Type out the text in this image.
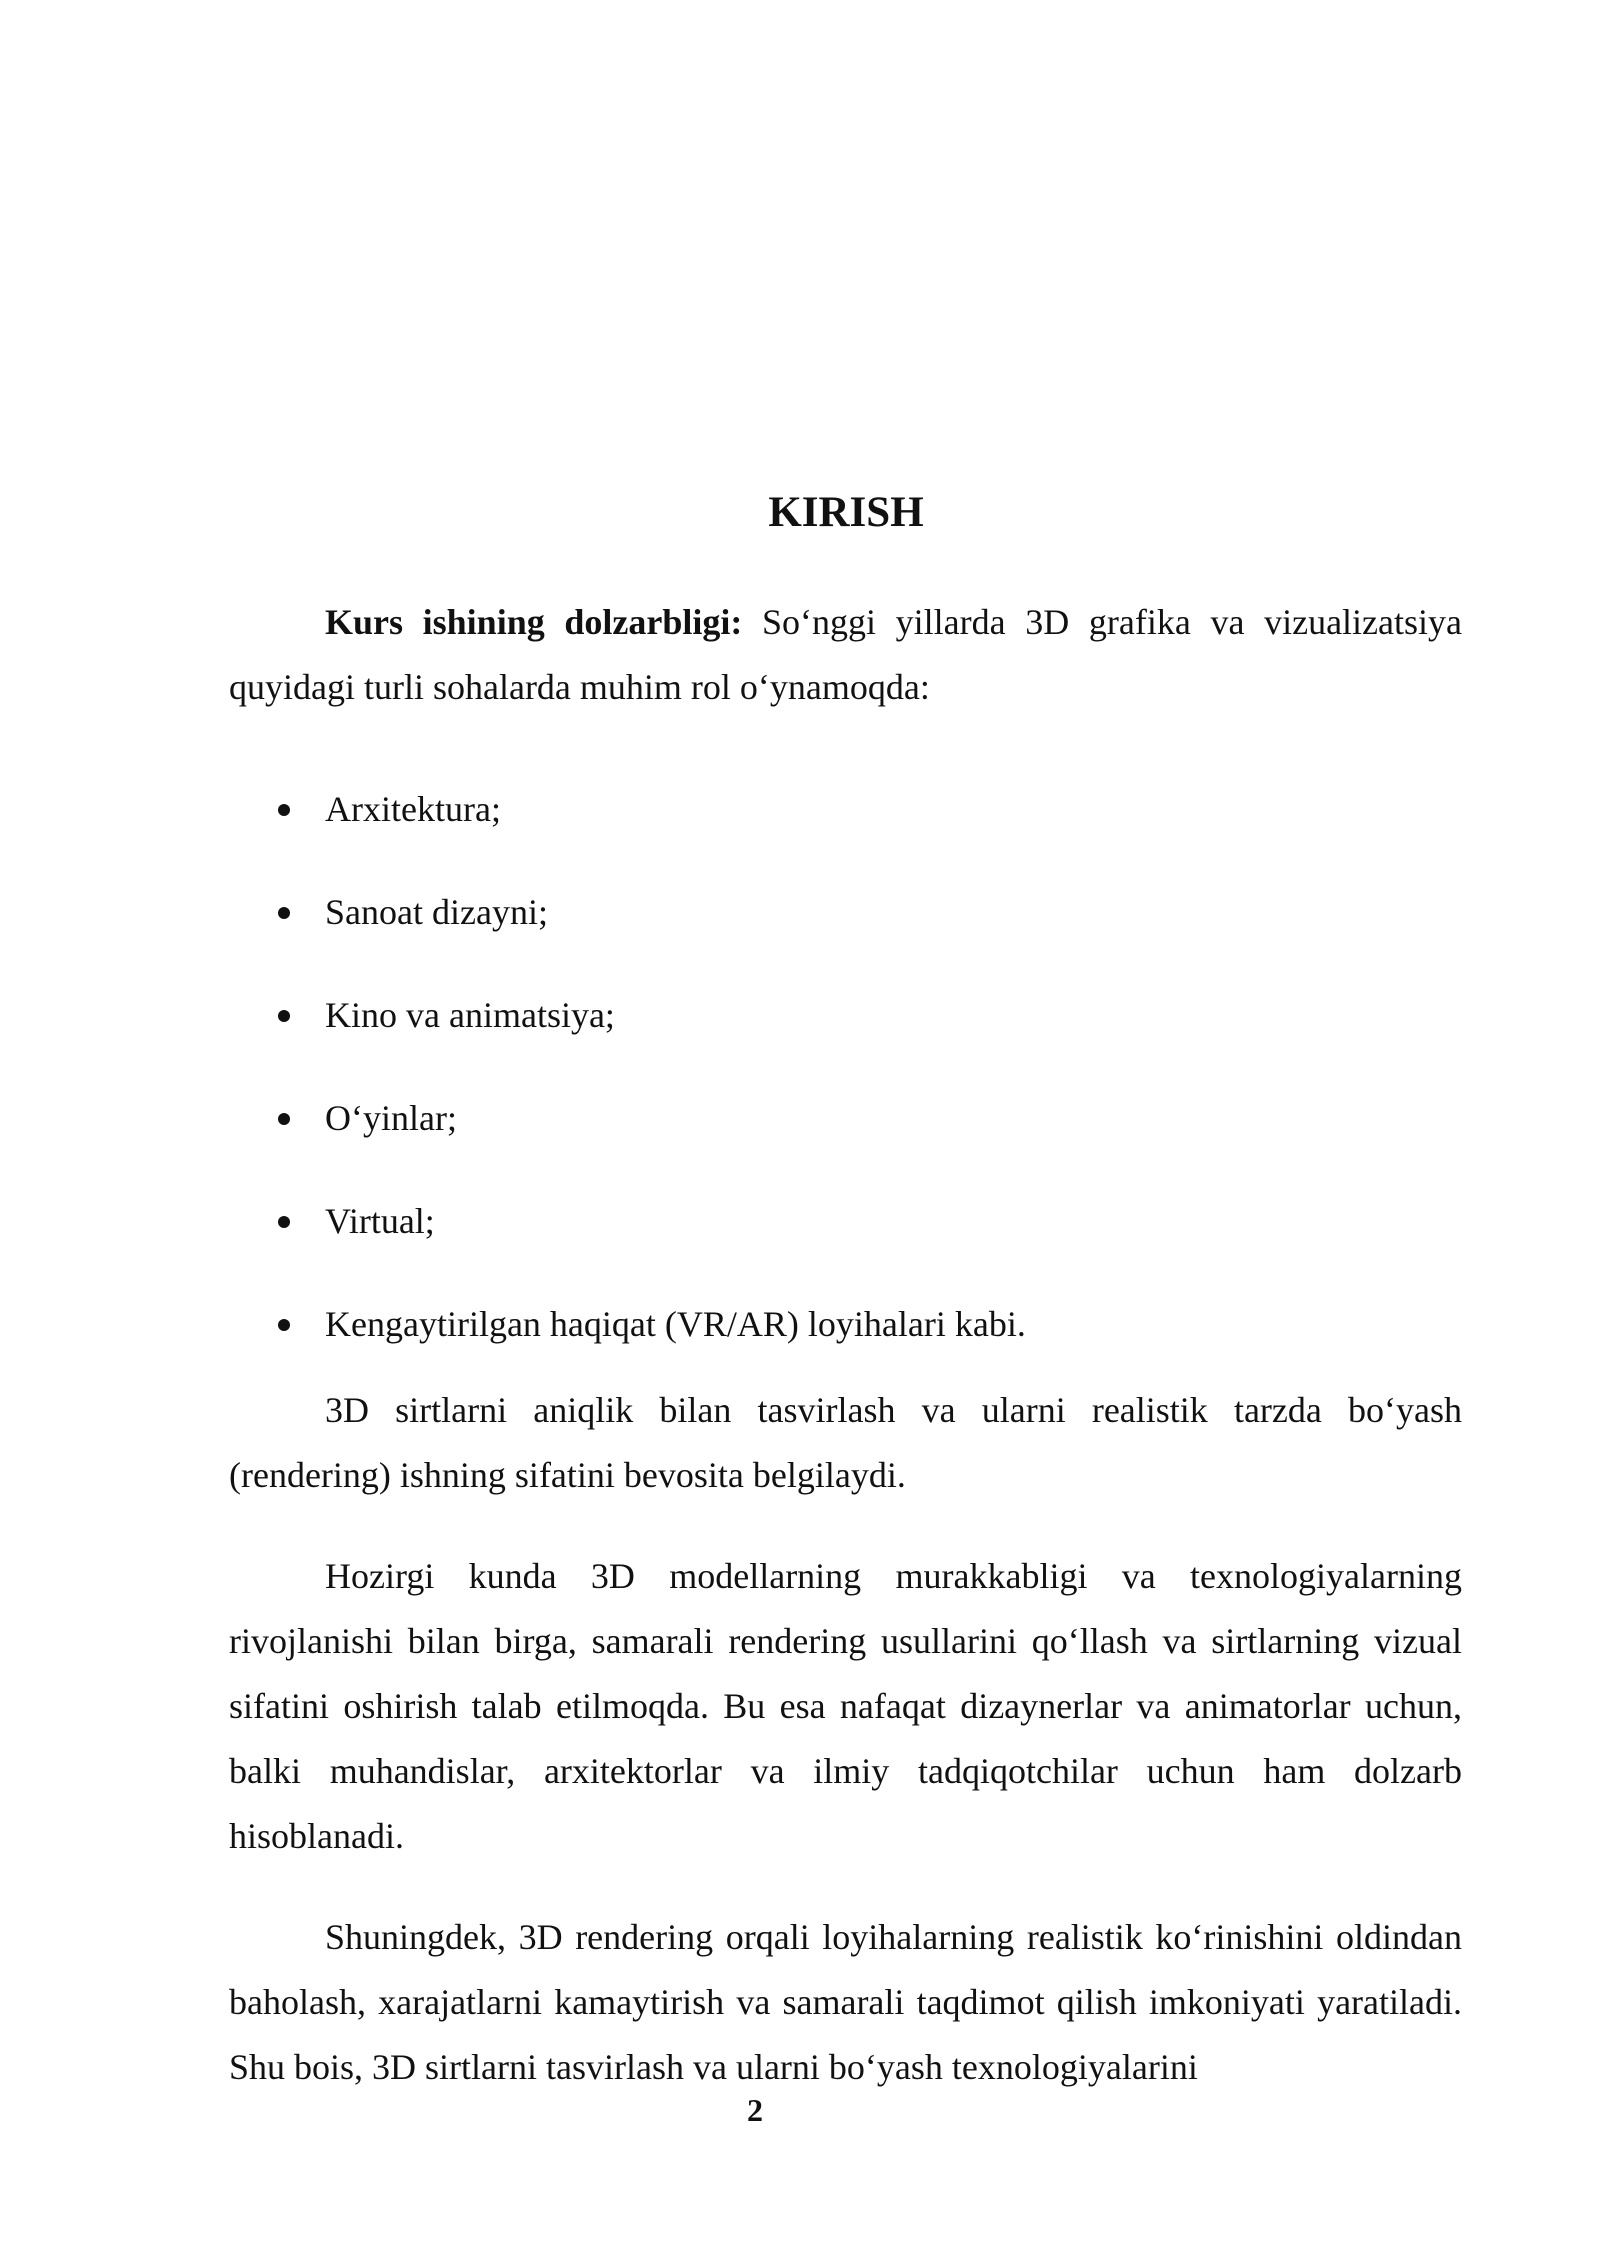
KIRISH

Kurs ishining dolzarbligi: So‘nggi yillarda 3D grafika va vizualizatsiya quyidagi turli sohalarda muhim rol o‘ynamoqda:

Arxitektura;
Sanoat dizayni;
Kino va animatsiya;
O‘yinlar;
Virtual;
Kengaytirilgan haqiqat (VR/AR) loyihalari kabi.

3D sirtlarni aniqlik bilan tasvirlash va ularni realistik tarzda bo‘yash (rendering) ishning sifatini bevosita belgilaydi.

Hozirgi kunda 3D modellarning murakkabligi va texnologiyalarning rivojlanishi bilan birga, samarali rendering usullarini qo‘llash va sirtlarning vizual sifatini oshirish talab etilmoqda. Bu esa nafaqat dizaynerlar va animatorlar uchun, balki muhandislar, arxitektorlar va ilmiy tadqiqotchilar uchun ham dolzarb hisoblanadi.

Shuningdek, 3D rendering orqali loyihalarning realistik ko‘rinishini oldindan baholash, xarajatlarni kamaytirish va samarali taqdimot qilish imkoniyati yaratiladi. Shu bois, 3D sirtlarni tasvirlash va ularni bo‘yash texnologiyalarini

2
